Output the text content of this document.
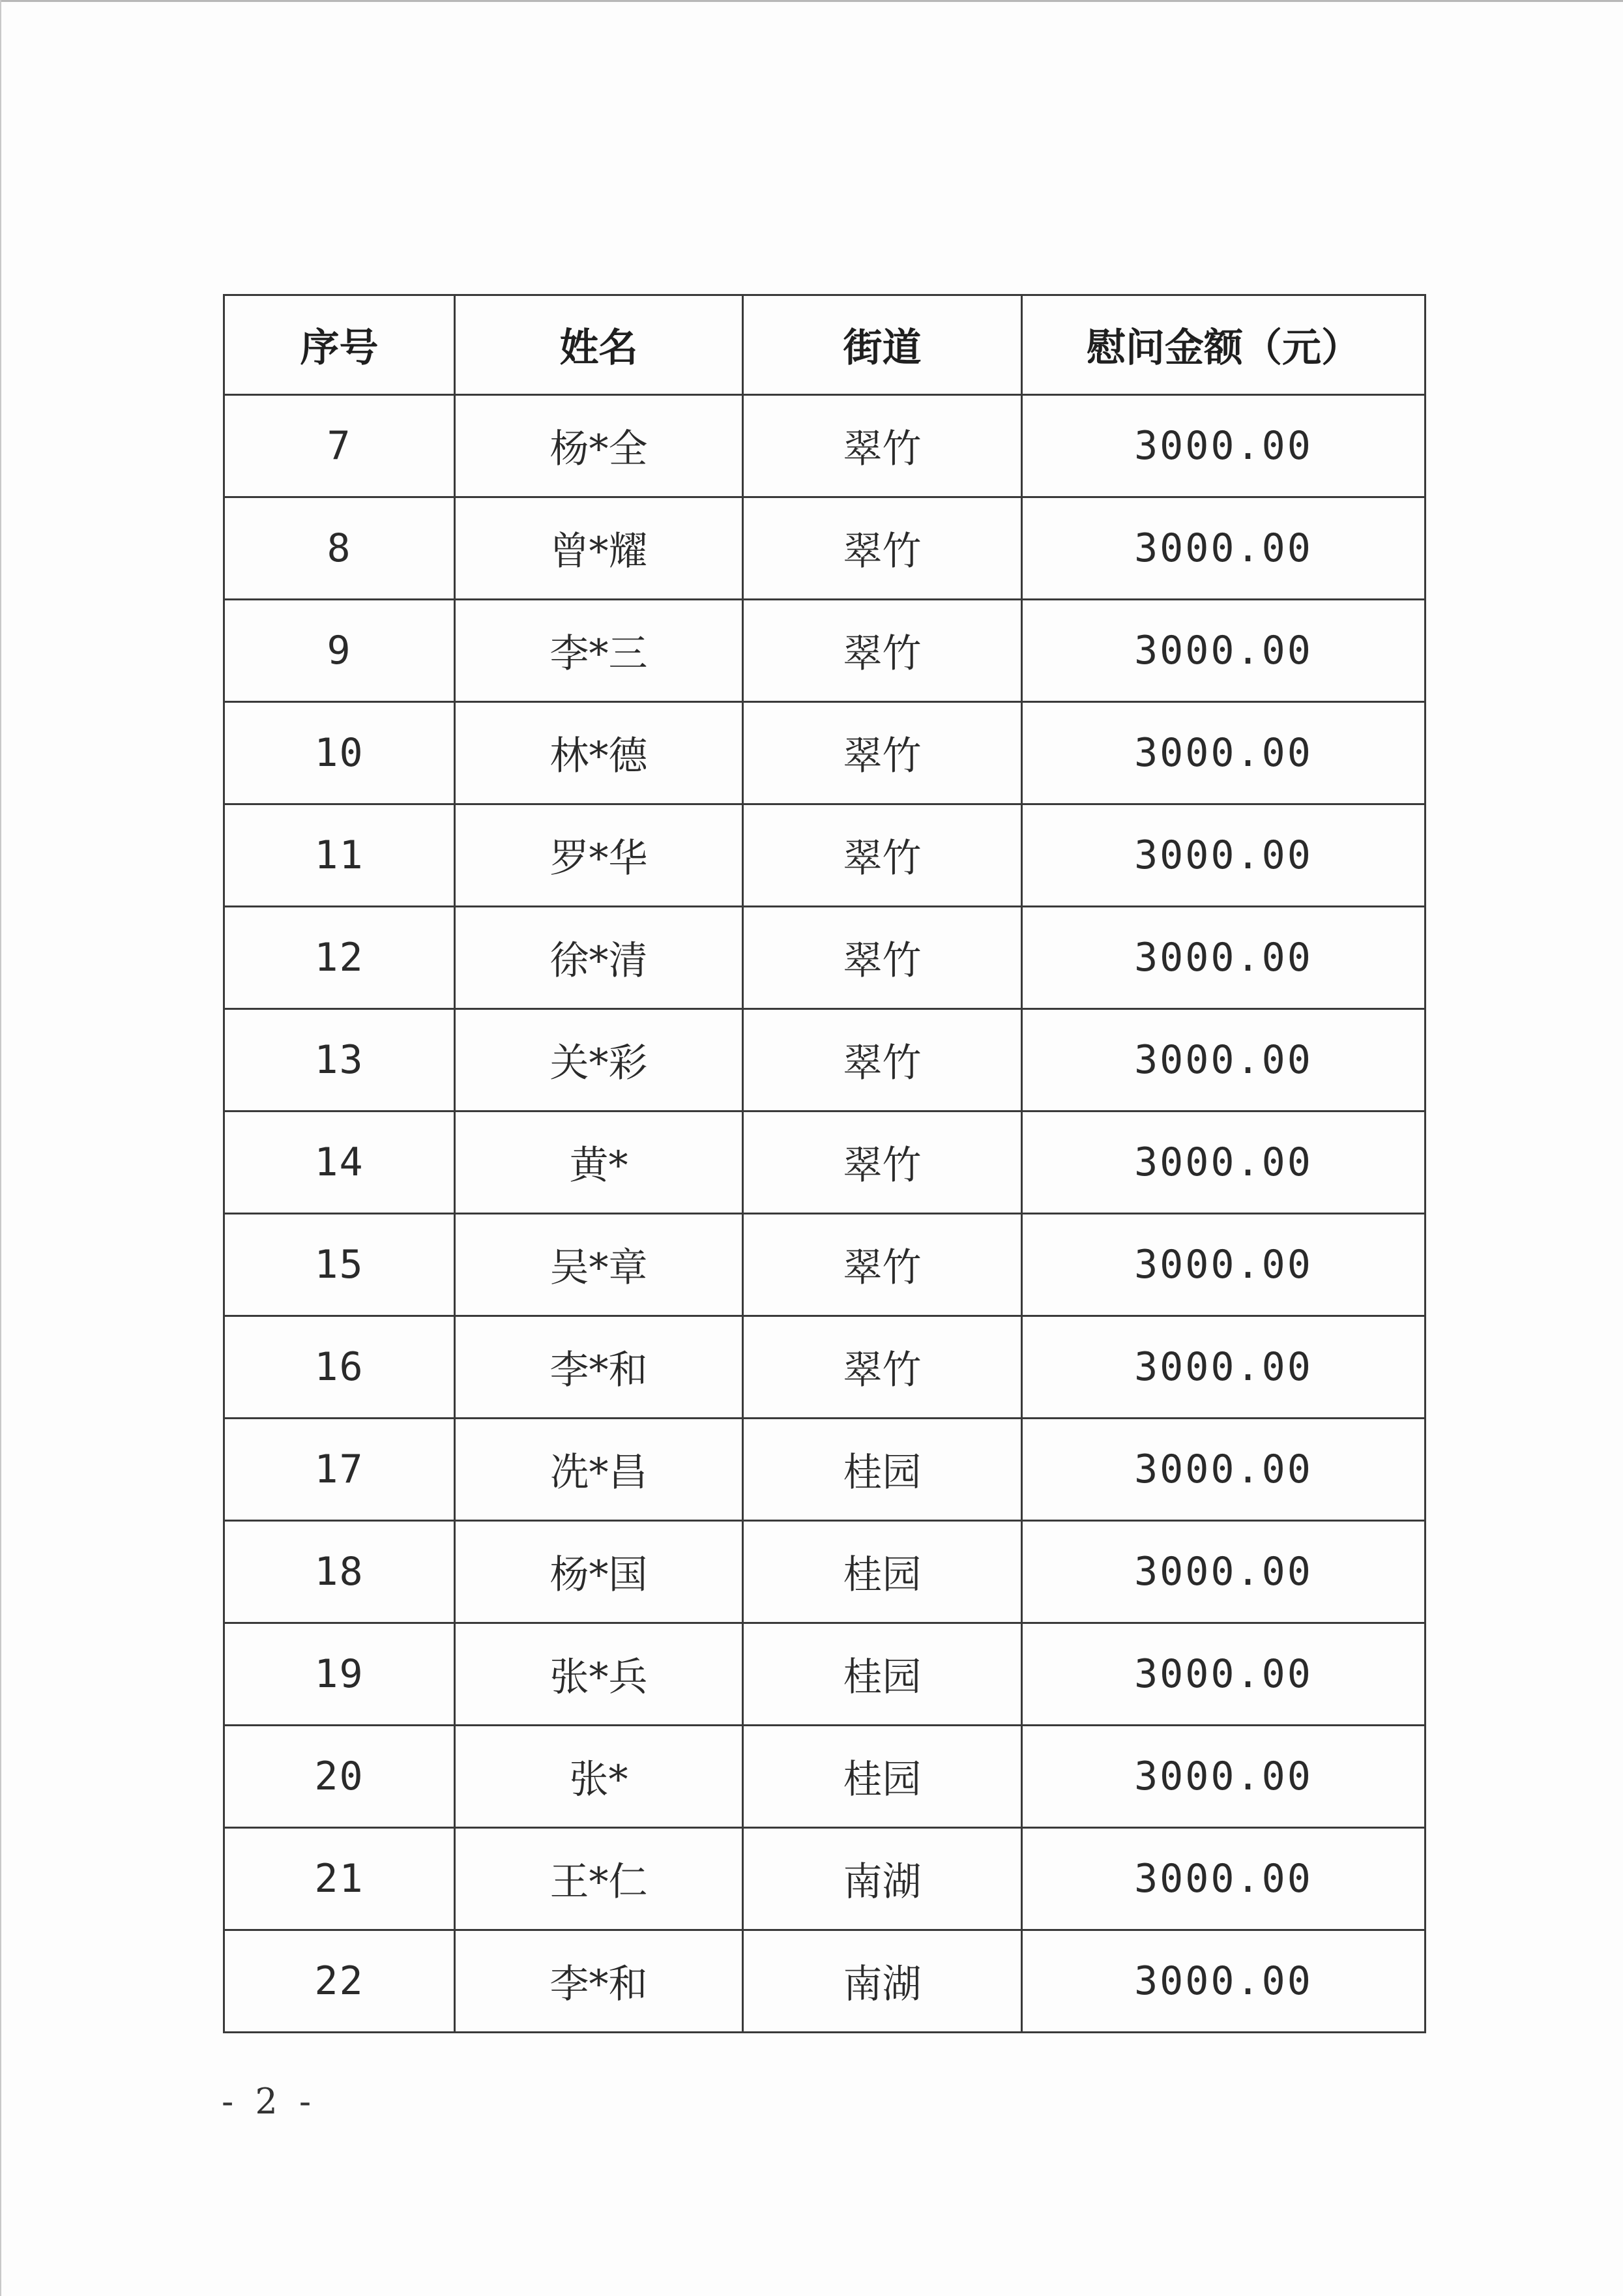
序号	姓名	街道	慰问金额（元）
7	杨*全	翠竹	3000.00
8	曾*耀	翠竹	3000.00
9	李*三	翠竹	3000.00
10	林*德	翠竹	3000.00
11	罗*华	翠竹	3000.00
12	徐*清	翠竹	3000.00
13	关*彩	翠竹	3000.00
14	黄*	翠竹	3000.00
15	吴*章	翠竹	3000.00
16	李*和	翠竹	3000.00
17	冼*昌	桂园	3000.00
18	杨*国	桂园	3000.00
19	张*兵	桂园	3000.00
20	张*	桂园	3000.00
21	王*仁	南湖	3000.00
22	李*和	南湖	3000.00
- 2 -
